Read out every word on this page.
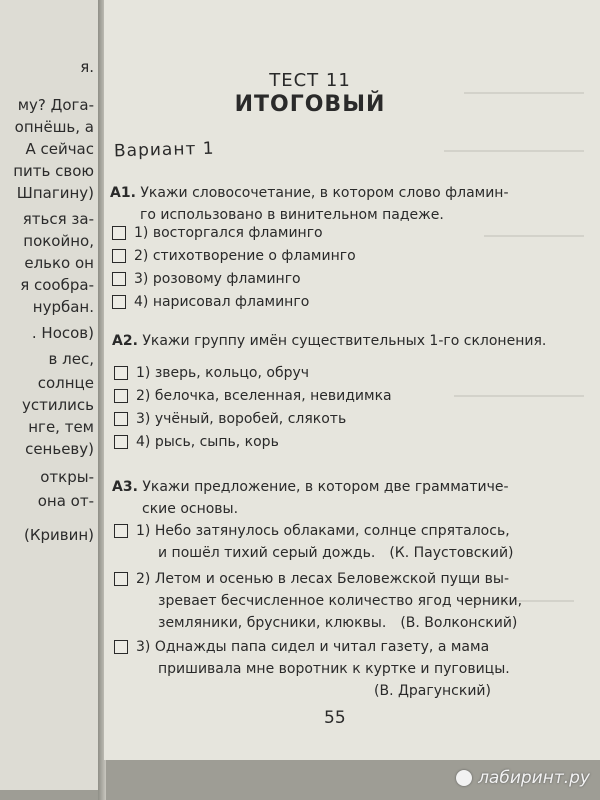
я.
му? Дога-
опнёшь, а
А сейчас
пить свою
Шпагину)
яться за-
покойно,
елько он
я сообра-
нурбан.
. Носов)
в лес,
солнце
устились
нге, тем
сеньеву)
откры-
она от-
(Кривин)
ТЕСТ 11
ИТОГОВЫЙ
Вариант 1
А1. Укажи словосочетание, в котором слово фламин-
го использовано в винительном падеже.
1) восторгался фламинго
2) стихотворение о фламинго
3) розовому фламинго
4) нарисовал фламинго
А2. Укажи группу имён существительных 1-го склонения.
1) зверь, кольцо, обруч
2) белочка, вселенная, невидимка
3) учёный, воробей, слякоть
4) рысь, сыпь, корь
А3. Укажи предложение, в котором две грамматиче-
ские основы.
1) Небо затянулось облаками, солнце спряталось,
и пошёл тихий серый дождь. (К. Паустовский)
2) Летом и осенью в лесах Беловежской пущи вы-
зревает бесчисленное количество ягод черники,
земляники, брусники, клюквы. (В. Волконский)
3) Однажды папа сидел и читал газету, а мама
пришивала мне воротник к куртке и пуговицы.
(В. Драгунский)
55
лабиринт.ру
